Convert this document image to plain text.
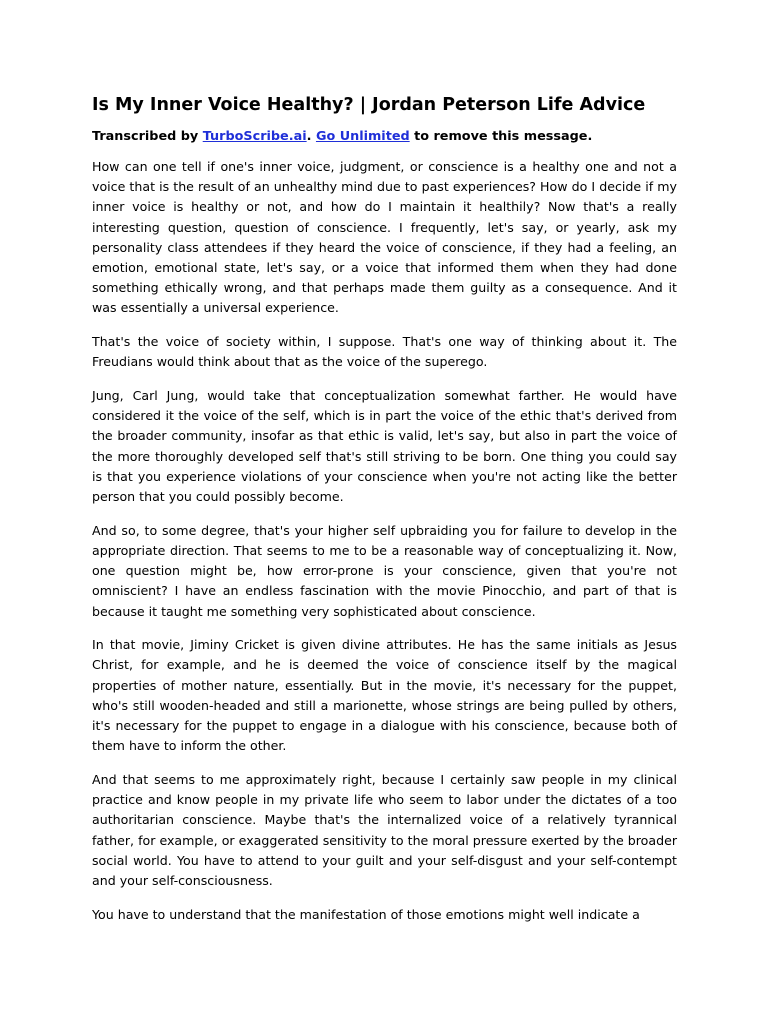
Is My Inner Voice Healthy? | Jordan Peterson Life Advice
Transcribed by TurboScribe.ai. Go Unlimited to remove this message.

How can one tell if one's inner voice, judgment, or conscience is a healthy one and not a voice that is the result of an unhealthy mind due to past experiences? How do I decide if my inner voice is healthy or not, and how do I maintain it healthily? Now that's a really interesting question, question of conscience. I frequently, let's say, or yearly, ask my personality class attendees if they heard the voice of conscience, if they had a feeling, an emotion, emotional state, let's say, or a voice that informed them when they had done something ethically wrong, and that perhaps made them guilty as a consequence. And it was essentially a universal experience.

That's the voice of society within, I suppose. That's one way of thinking about it. The Freudians would think about that as the voice of the superego.

Jung, Carl Jung, would take that conceptualization somewhat farther. He would have considered it the voice of the self, which is in part the voice of the ethic that's derived from the broader community, insofar as that ethic is valid, let's say, but also in part the voice of the more thoroughly developed self that's still striving to be born. One thing you could say is that you experience violations of your conscience when you're not acting like the better person that you could possibly become.

And so, to some degree, that's your higher self upbraiding you for failure to develop in the appropriate direction. That seems to me to be a reasonable way of conceptualizing it. Now, one question might be, how error-prone is your conscience, given that you're not omniscient? I have an endless fascination with the movie Pinocchio, and part of that is because it taught me something very sophisticated about conscience.

In that movie, Jiminy Cricket is given divine attributes. He has the same initials as Jesus Christ, for example, and he is deemed the voice of conscience itself by the magical properties of mother nature, essentially. But in the movie, it's necessary for the puppet, who's still wooden-headed and still a marionette, whose strings are being pulled by others, it's necessary for the puppet to engage in a dialogue with his conscience, because both of them have to inform the other.

And that seems to me approximately right, because I certainly saw people in my clinical practice and know people in my private life who seem to labor under the dictates of a too authoritarian conscience. Maybe that's the internalized voice of a relatively tyrannical father, for example, or exaggerated sensitivity to the moral pressure exerted by the broader social world. You have to attend to your guilt and your self-disgust and your self-contempt and your self-consciousness.

You have to understand that the manifestation of those emotions might well indicate a
